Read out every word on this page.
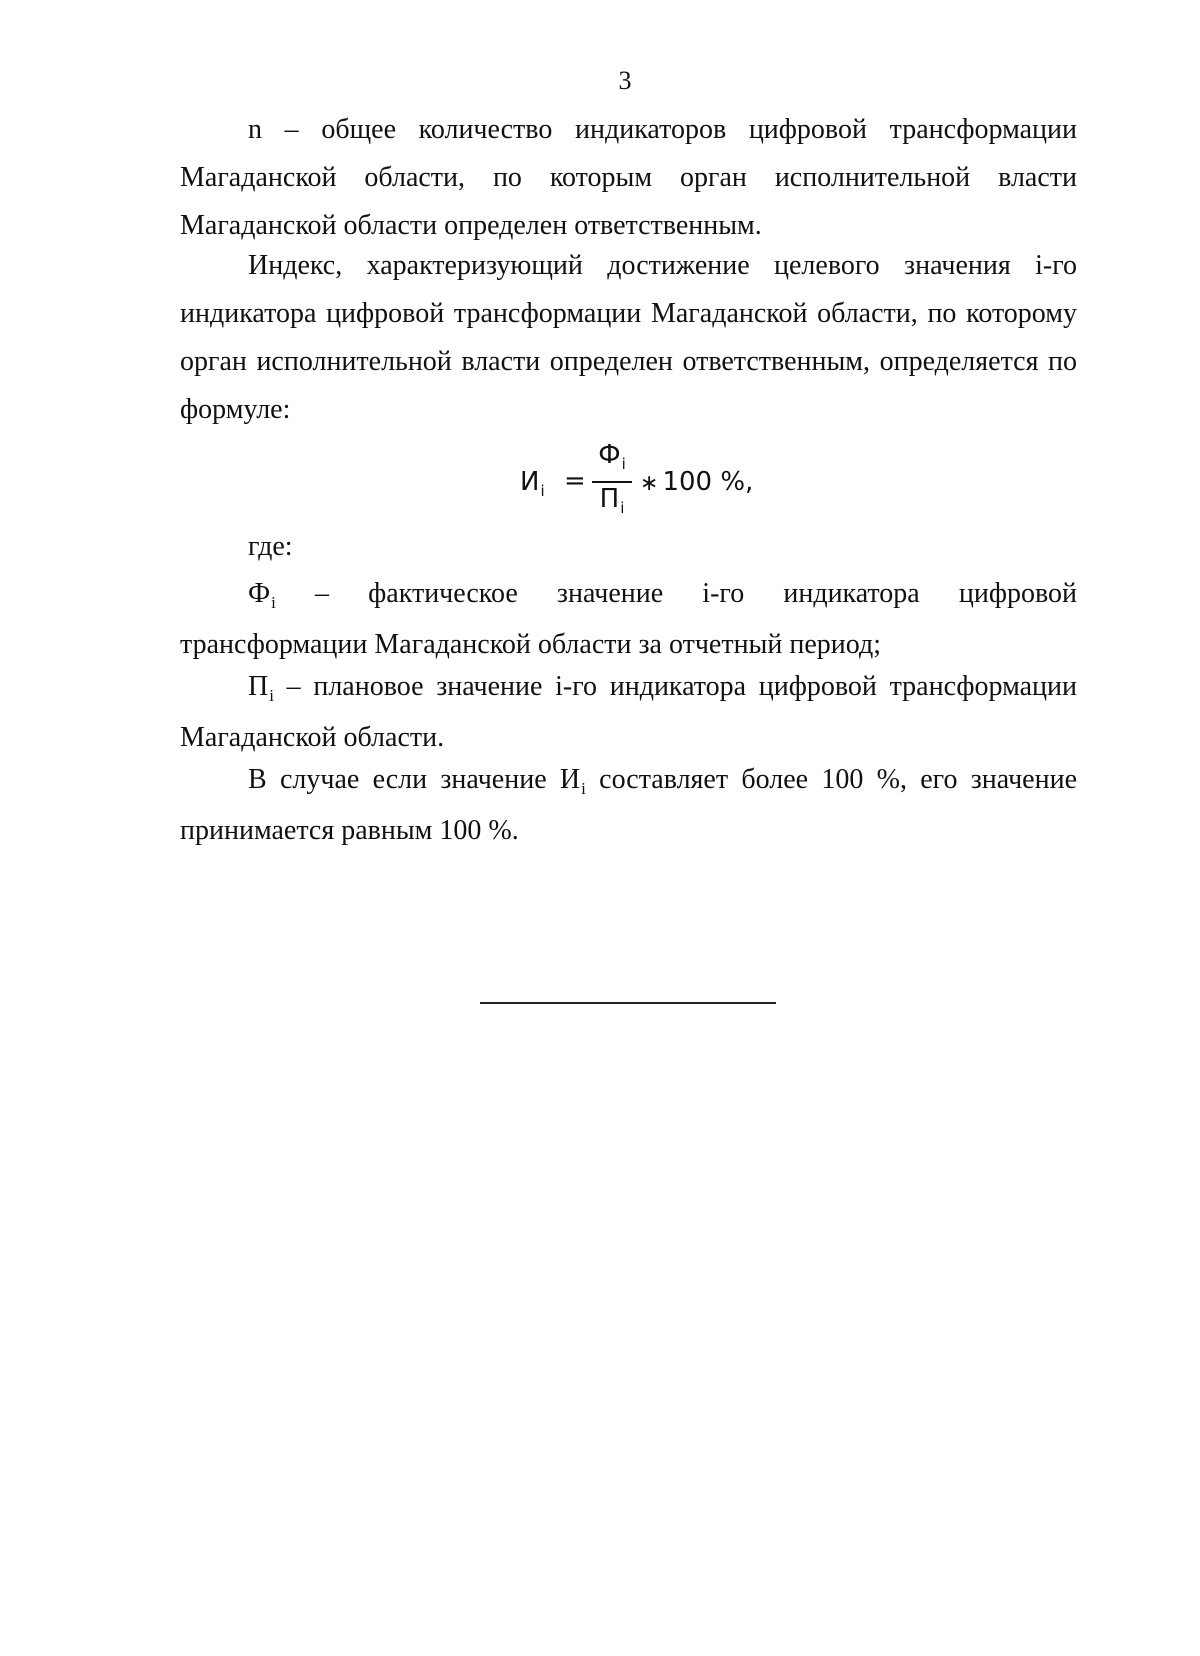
3

n – общее количество индикаторов цифровой трансформации Магаданской области, по которым орган исполнительной власти Магаданской области определен ответственным.

Индекс, характеризующий достижение целевого значения i-го индикатора цифровой трансформации Магаданской области, по которому орган исполнительной власти определен ответственным, определяется по формуле:

$И_i$ =
$Ф_i$
$П_i$
∗ 100 %,

где:

$Ф_i$ – фактическое значение i-го индикатора цифровой трансформации Магаданской области за отчетный период;

$П_i$ – плановое значение i-го индикатора цифровой трансформации Магаданской области.

В случае если значение $И_i$ составляет более 100 %, его значение принимается равным 100 %.
